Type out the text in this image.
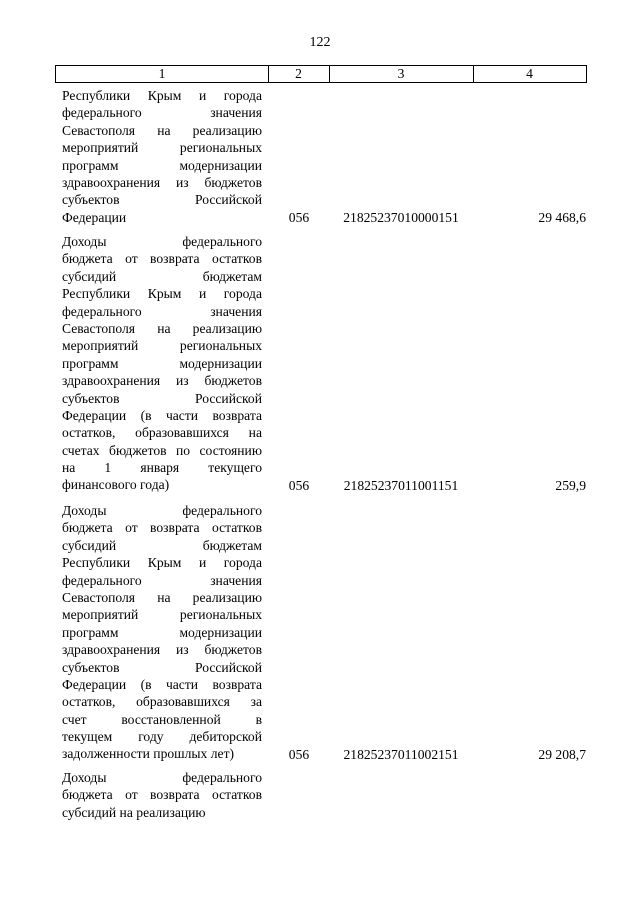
122
1	2	3	4
Республики Крым и города
федерального значения
Севастополя на реализацию
мероприятий региональных
программ модернизации
здравоохранения из бюджетов
субъектов Российской
Федерации	056	21825237010000151	29 468,6
Доходы федерального
бюджета от возврата остатков
субсидий бюджетам
Республики Крым и города
федерального значения
Севастополя на реализацию
мероприятий региональных
программ модернизации
здравоохранения из бюджетов
субъектов Российской
Федерации (в части возврата
остатков, образовавшихся на
счетах бюджетов по состоянию
на 1 января текущего
финансового года)	056	21825237011001151	259,9
Доходы федерального
бюджета от возврата остатков
субсидий бюджетам
Республики Крым и города
федерального значения
Севастополя на реализацию
мероприятий региональных
программ модернизации
здравоохранения из бюджетов
субъектов Российской
Федерации (в части возврата
остатков, образовавшихся за
счет восстановленной в
текущем году дебиторской
задолженности прошлых лет)	056	21825237011002151	29 208,7
Доходы федерального
бюджета от возврата остатков
субсидий на реализацию
